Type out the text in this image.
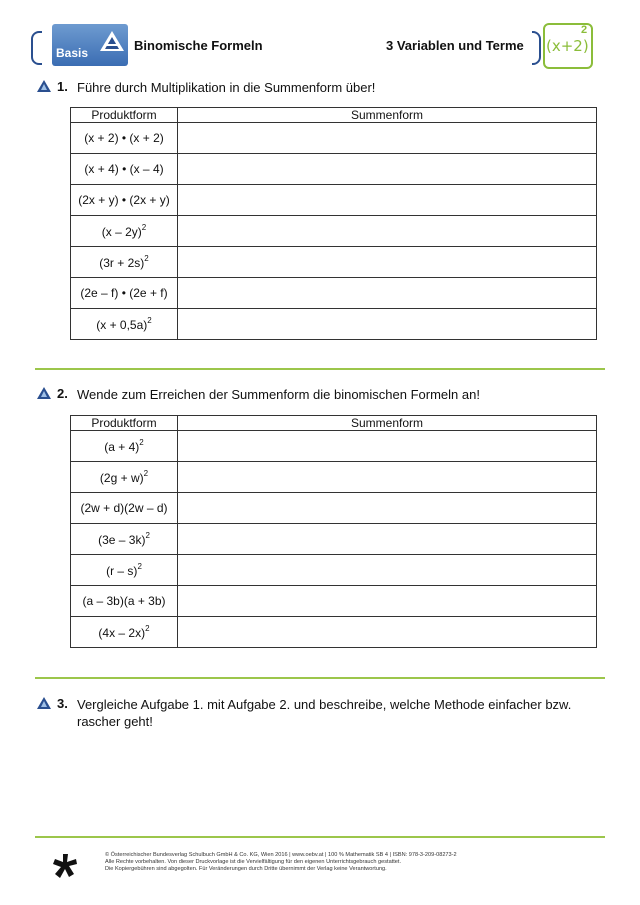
Basis	Binomische Formeln	3 Variablen und Terme (x+2)
2
1. Führe durch Multiplikation in die Summenform über!
Produktform	Summenform
(x + 2) • (x + 2)	
(x + 4) • (x – 4)	
(2x + y) • (2x + y)	
(x – 2y)$^2$	
$(3r + 2s)^2$	
(2e – f) • (2e + f)	
$(x + 0,5a)^2$	
2. Wende zum Erreichen der Summenform die binomischen Formeln an!
Produktform	Summenform
$(a + 4)^2$	
$(2g + w)^2$	
(2w + d)(2w – d)	
(3e – 3k)$^2$	
(r – s)$^2$	
(a – 3b)(a + 3b)	
(4x – 2x)$^2$	
3. Vergleiche Aufgabe 1. mit Aufgabe 2. und beschreibe, welche Methode einfacher bzw.
rascher geht!
© Österreichischer Bundesverlag Schulbuch GmbH & Co. KG, Wien 2016 | www.oebv.at | 100 % Mathematik SB 4 | ISBN: 978-3-209-08273-2
Alle Rechte vorbehalten. Von dieser Druckvorlage ist die Vervielfältigung für den eigenen Unterrichtsgebrauch gestattet.
Die Kopiergebühren sind abgegolten. Für Veränderungen durch Dritte übernimmt der Verlag keine Verantwortung.
